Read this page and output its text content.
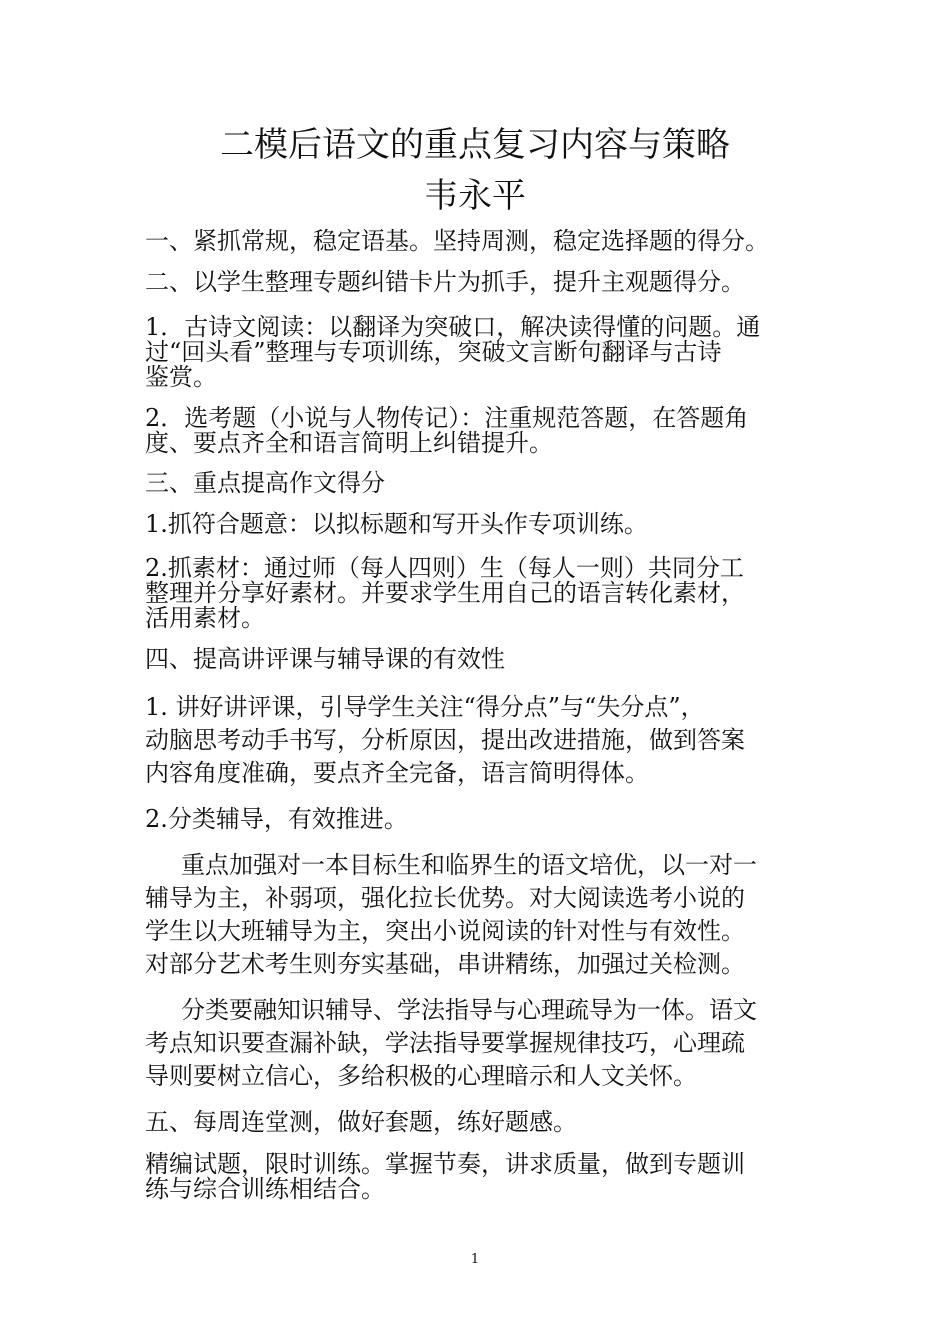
二模后语文的重点复习内容与策略
韦永平

一、紧抓常规，稳定语基。坚持周测，稳定选择题的得分。

二、以学生整理专题纠错卡片为抓手，提升主观题得分。

1．古诗文阅读：以翻译为突破口，解决读得懂的问题。通
过“回头看”整理与专项训练，突破文言断句翻译与古诗
鉴赏。

2．选考题（小说与人物传记）：注重规范答题，在答题角
度、要点齐全和语言简明上纠错提升。

三、重点提高作文得分

1.抓符合题意：以拟标题和写开头作专项训练。

2.抓素材：通过师（每人四则）生（每人一则）共同分工
整理并分享好素材。并要求学生用自己的语言转化素材，
活用素材。

四、提高讲评课与辅导课的有效性

1. 讲好讲评课，引导学生关注“得分点”与“失分点”，
动脑思考动手书写，分析原因，提出改进措施，做到答案
内容角度准确，要点齐全完备，语言简明得体。

2.分类辅导，有效推进。

重点加强对一本目标生和临界生的语文培优，以一对一
辅导为主，补弱项，强化拉长优势。对大阅读选考小说的
学生以大班辅导为主，突出小说阅读的针对性与有效性。
对部分艺术考生则夯实基础，串讲精练，加强过关检测。

分类要融知识辅导、学法指导与心理疏导为一体。语文
考点知识要查漏补缺，学法指导要掌握规律技巧，心理疏
导则要树立信心，多给积极的心理暗示和人文关怀。

五、每周连堂测，做好套题，练好题感。

精编试题，限时训练。掌握节奏，讲求质量，做到专题训
练与综合训练相结合。

1
